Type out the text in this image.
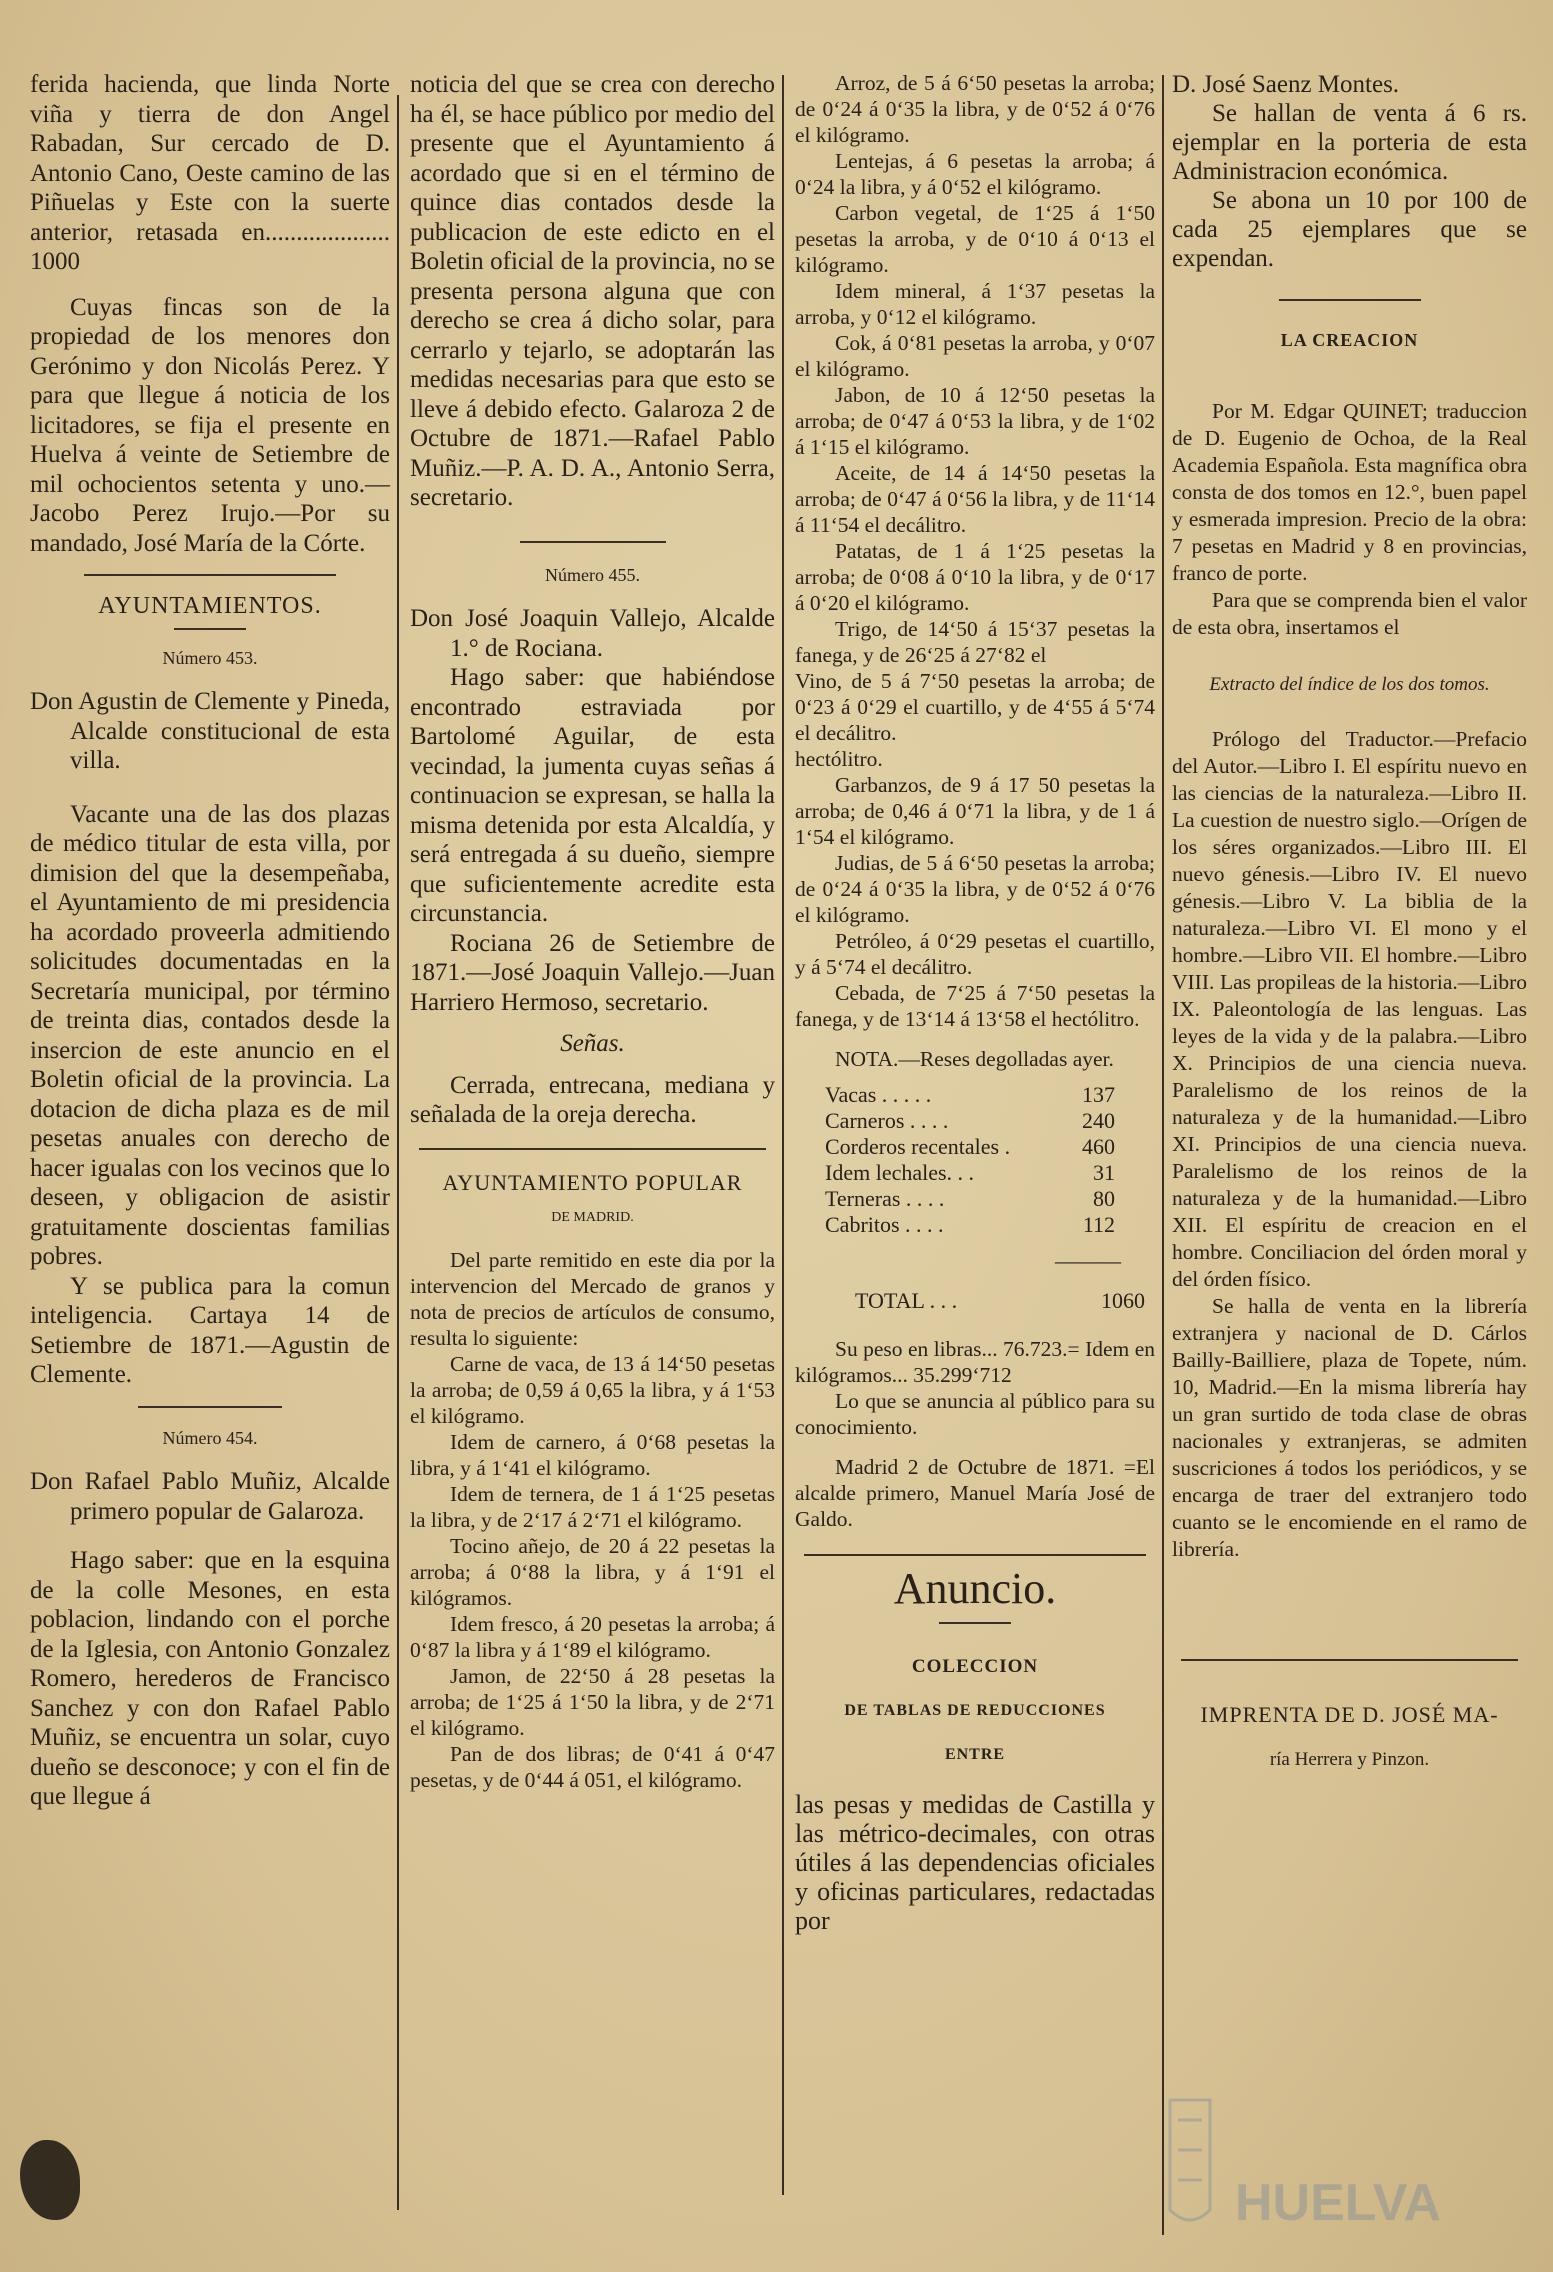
ferida hacienda, que linda Norte viña y tierra de don Angel Rabadan, Sur cercado de D. Antonio Cano, Oeste camino de las Piñuelas y Este con la suerte anterior, retasada en.................... 1000

Cuyas fincas son de la propiedad de los menores don Gerónimo y don Nicolás Perez. Y para que llegue á noticia de los licitadores, se fija el presente en Huelva á veinte de Setiembre de mil ochocientos setenta y uno.—Jacobo Perez Irujo.—Por su mandado, José María de la Córte.

AYUNTAMIENTOS.
Número 453.

Don Agustin de Clemente y Pineda, Alcalde constitucional de esta villa.

Vacante una de las dos plazas de médico titular de esta villa, por dimision del que la desempeñaba, el Ayuntamiento de mi presidencia ha acordado proveerla admitiendo solicitudes documentadas en la Secretaría municipal, por término de treinta dias, contados desde la insercion de este anuncio en el Boletin oficial de la provincia. La dotacion de dicha plaza es de mil pesetas anuales con derecho de hacer igualas con los vecinos que lo deseen, y obligacion de asistir gratuitamente doscientas familias pobres.

Y se publica para la comun inteligencia. Cartaya 14 de Setiembre de 1871.—Agustin de Clemente.

Número 454.

Don Rafael Pablo Muñiz, Alcalde primero popular de Galaroza.

Hago saber: que en la esquina de la colle Mesones, en esta poblacion, lindando con el porche de la Iglesia, con Antonio Gonzalez Romero, herederos de Francisco Sanchez y con don Rafael Pablo Muñiz, se encuentra un solar, cuyo dueño se desconoce; y con el fin de que llegue á

noticia del que se crea con derecho ha él, se hace público por medio del presente que el Ayuntamiento á acordado que si en el término de quince dias contados desde la publicacion de este edicto en el Boletin oficial de la provincia, no se presenta persona alguna que con derecho se crea á dicho solar, para cerrarlo y tejarlo, se adoptarán las medidas necesarias para que esto se lleve á debido efecto. Galaroza 2 de Octubre de 1871.—Rafael Pablo Muñiz.—P. A. D. A., Antonio Serra, secretario.

Número 455.

Don José Joaquin Vallejo, Alcalde 1.° de Rociana.

Hago saber: que habiéndose encontrado estraviada por Bartolomé Aguilar, de esta vecindad, la jumenta cuyas señas á continuacion se expresan, se halla la misma detenida por esta Alcaldía, y será entregada á su dueño, siempre que suficientemente acredite esta circunstancia.

Rociana 26 de Setiembre de 1871.—José Joaquin Vallejo.—Juan Harriero Hermoso, secretario.

Señas.

Cerrada, entrecana, mediana y señalada de la oreja derecha.

AYUNTAMIENTO POPULAR
DE MADRID.

Del parte remitido en este dia por la intervencion del Mercado de granos y nota de precios de artículos de consumo, resulta lo siguiente:

Carne de vaca, de 13 á 14‘50 pesetas la arroba; de 0,59 á 0,65 la libra, y á 1‘53 el kilógramo.

Idem de carnero, á 0‘68 pesetas la libra, y á 1‘41 el kilógramo.

Idem de ternera, de 1 á 1‘25 pesetas la libra, y de 2‘17 á 2‘71 el kilógramo.

Tocino añejo, de 20 á 22 pesetas la arroba; á 0‘88 la libra, y á 1‘91 el kilógramos.

Idem fresco, á 20 pesetas la arroba; á 0‘87 la libra y á 1‘89 el kilógramo.

Jamon, de 22‘50 á 28 pesetas la arroba; de 1‘25 á 1‘50 la libra, y de 2‘71 el kilógramo.

Pan de dos libras; de 0‘41 á 0‘47 pesetas, y de 0‘44 á 051, el kilógramo.

Arroz, de 5 á 6‘50 pesetas la arroba; de 0‘24 á 0‘35 la libra, y de 0‘52 á 0‘76 el kilógramo.

Lentejas, á 6 pesetas la arroba; á 0‘24 la libra, y á 0‘52 el kilógramo.

Carbon vegetal, de 1‘25 á 1‘50 pesetas la arroba, y de 0‘10 á 0‘13 el kilógramo.

Idem mineral, á 1‘37 pesetas la arroba, y 0‘12 el kilógramo.

Cok, á 0‘81 pesetas la arroba, y 0‘07 el kilógramo.

Jabon, de 10 á 12‘50 pesetas la arroba; de 0‘47 á 0‘53 la libra, y de 1‘02 á 1‘15 el kilógramo.

Aceite, de 14 á 14‘50 pesetas la arroba; de 0‘47 á 0‘56 la libra, y de 11‘14 á 11‘54 el decálitro.

Patatas, de 1 á 1‘25 pesetas la arroba; de 0‘08 á 0‘10 la libra, y de 0‘17 á 0‘20 el kilógramo.

Trigo, de 14‘50 á 15‘37 pesetas la fanega, y de 26‘25 á 27‘82 el

Vino, de 5 á 7‘50 pesetas la arroba; de 0‘23 á 0‘29 el cuartillo, y de 4‘55 á 5‘74 el decálitro.

hectólitro.

Garbanzos, de 9 á 17 50 pesetas la arroba; de 0,46 á 0‘71 la libra, y de 1 á 1‘54 el kilógramo.

Judias, de 5 á 6‘50 pesetas la arroba; de 0‘24 á 0‘35 la libra, y de 0‘52 á 0‘76 el kilógramo.

Petróleo, á 0‘29 pesetas el cuartillo, y á 5‘74 el decálitro.

Cebada, de 7‘25 á 7‘50 pesetas la fanega, y de 13‘14 á 13‘58 el hectólitro.

NOTA.—Reses degolladas ayer.

Vacas . . . . .	137
Carneros . . . .	240
Corderos recentales .	460
Idem lechales. . .	31
Terneras . . . .	80
Cabritos . . . .	112
———
TOTAL . . .	1060

Su peso en libras... 76.723.= Idem en kilógramos... 35.299‘712

Lo que se anuncia al público para su conocimiento.

Madrid 2 de Octubre de 1871. =El alcalde primero, Manuel María José de Galdo.

Anuncio.
COLECCION
DE TABLAS DE REDUCCIONES
ENTRE

las pesas y medidas de Castilla y las métrico-decimales, con otras útiles á las dependencias oficiales y oficinas particulares, redactadas por

D. José Saenz Montes.

Se hallan de venta á 6 rs. ejemplar en la porteria de esta Administracion económica.

Se abona un 10 por 100 de cada 25 ejemplares que se expendan.

LA CREACION

Por M. Edgar QUINET; traduccion de D. Eugenio de Ochoa, de la Real Academia Española. Esta magnífica obra consta de dos tomos en 12.°, buen papel y esmerada impresion. Precio de la obra: 7 pesetas en Madrid y 8 en provincias, franco de porte.

Para que se comprenda bien el valor de esta obra, insertamos el

Extracto del índice de los dos tomos.

Prólogo del Traductor.—Prefacio del Autor.—Libro I. El espíritu nuevo en las ciencias de la naturaleza.—Libro II. La cuestion de nuestro siglo.—Orígen de los séres organizados.—Libro III. El nuevo génesis.—Libro IV. El nuevo génesis.—Libro V. La biblia de la naturaleza.—Libro VI. El mono y el hombre.—Libro VII. El hombre.—Libro VIII. Las propileas de la historia.—Libro IX. Paleontología de las lenguas. Las leyes de la vida y de la palabra.—Libro X. Principios de una ciencia nueva. Paralelismo de los reinos de la naturaleza y de la humanidad.—Libro XI. Principios de una ciencia nueva. Paralelismo de los reinos de la naturaleza y de la humanidad.—Libro XII. El espíritu de creacion en el hombre. Conciliacion del órden moral y del órden físico.

Se halla de venta en la librería extranjera y nacional de D. Cárlos Bailly-Bailliere, plaza de Topete, núm. 10, Madrid.—En la misma librería hay un gran surtido de toda clase de obras nacionales y extranjeras, se admiten suscriciones á todos los periódicos, y se encarga de traer del extranjero todo cuanto se le encomiende en el ramo de librería.

IMPRENTA DE D. JOSÉ MA-

ría Herrera y Pinzon.

HUELVA
